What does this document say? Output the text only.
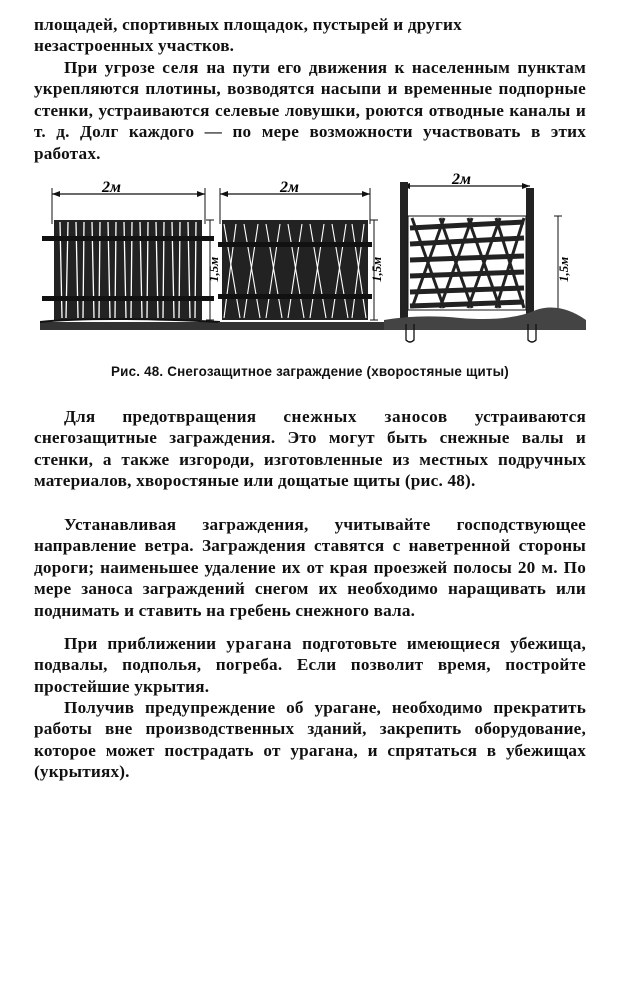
площадей, спортивных площадок, пустырей и других
незастроенных участков.

При угрозе селя на пути его движения к населенным пунктам укрепляются плотины, возводятся насыпи и временные подпорные стенки, устраиваются селевые ловушки, роются отводные каналы и т. д. Долг каждого — по мере возможности участвовать в этих работах.

2м
1,5м
2м
1,5м
2м
1,5м
Рис. 48. Снегозащитное заграждение (хворостяные щиты)

Для предотвращения снежных заносов устраиваются снегозащитные заграждения. Это могут быть снежные валы и стенки, а также изгороди, изготовленные из местных подручных материалов, хворостяные или дощатые щиты (рис. 48).

Устанавливая заграждения, учитывайте господствующее направление ветра. Заграждения ставятся с наветренной стороны дороги; наименьшее удаление их от края проезжей полосы 20 м. По мере заноса заграждений снегом их необходимо наращивать или поднимать и ставить на гребень снежного вала.

При приближении урагана подготовьте имеющиеся убежища, подвалы, подполья, погреба. Если позволит время, постройте простейшие укрытия.

Получив предупреждение об урагане, необходимо прекратить работы вне производственных зданий, закрепить оборудование, которое может пострадать от урагана, и спрятаться в убежищах (укрытиях).
